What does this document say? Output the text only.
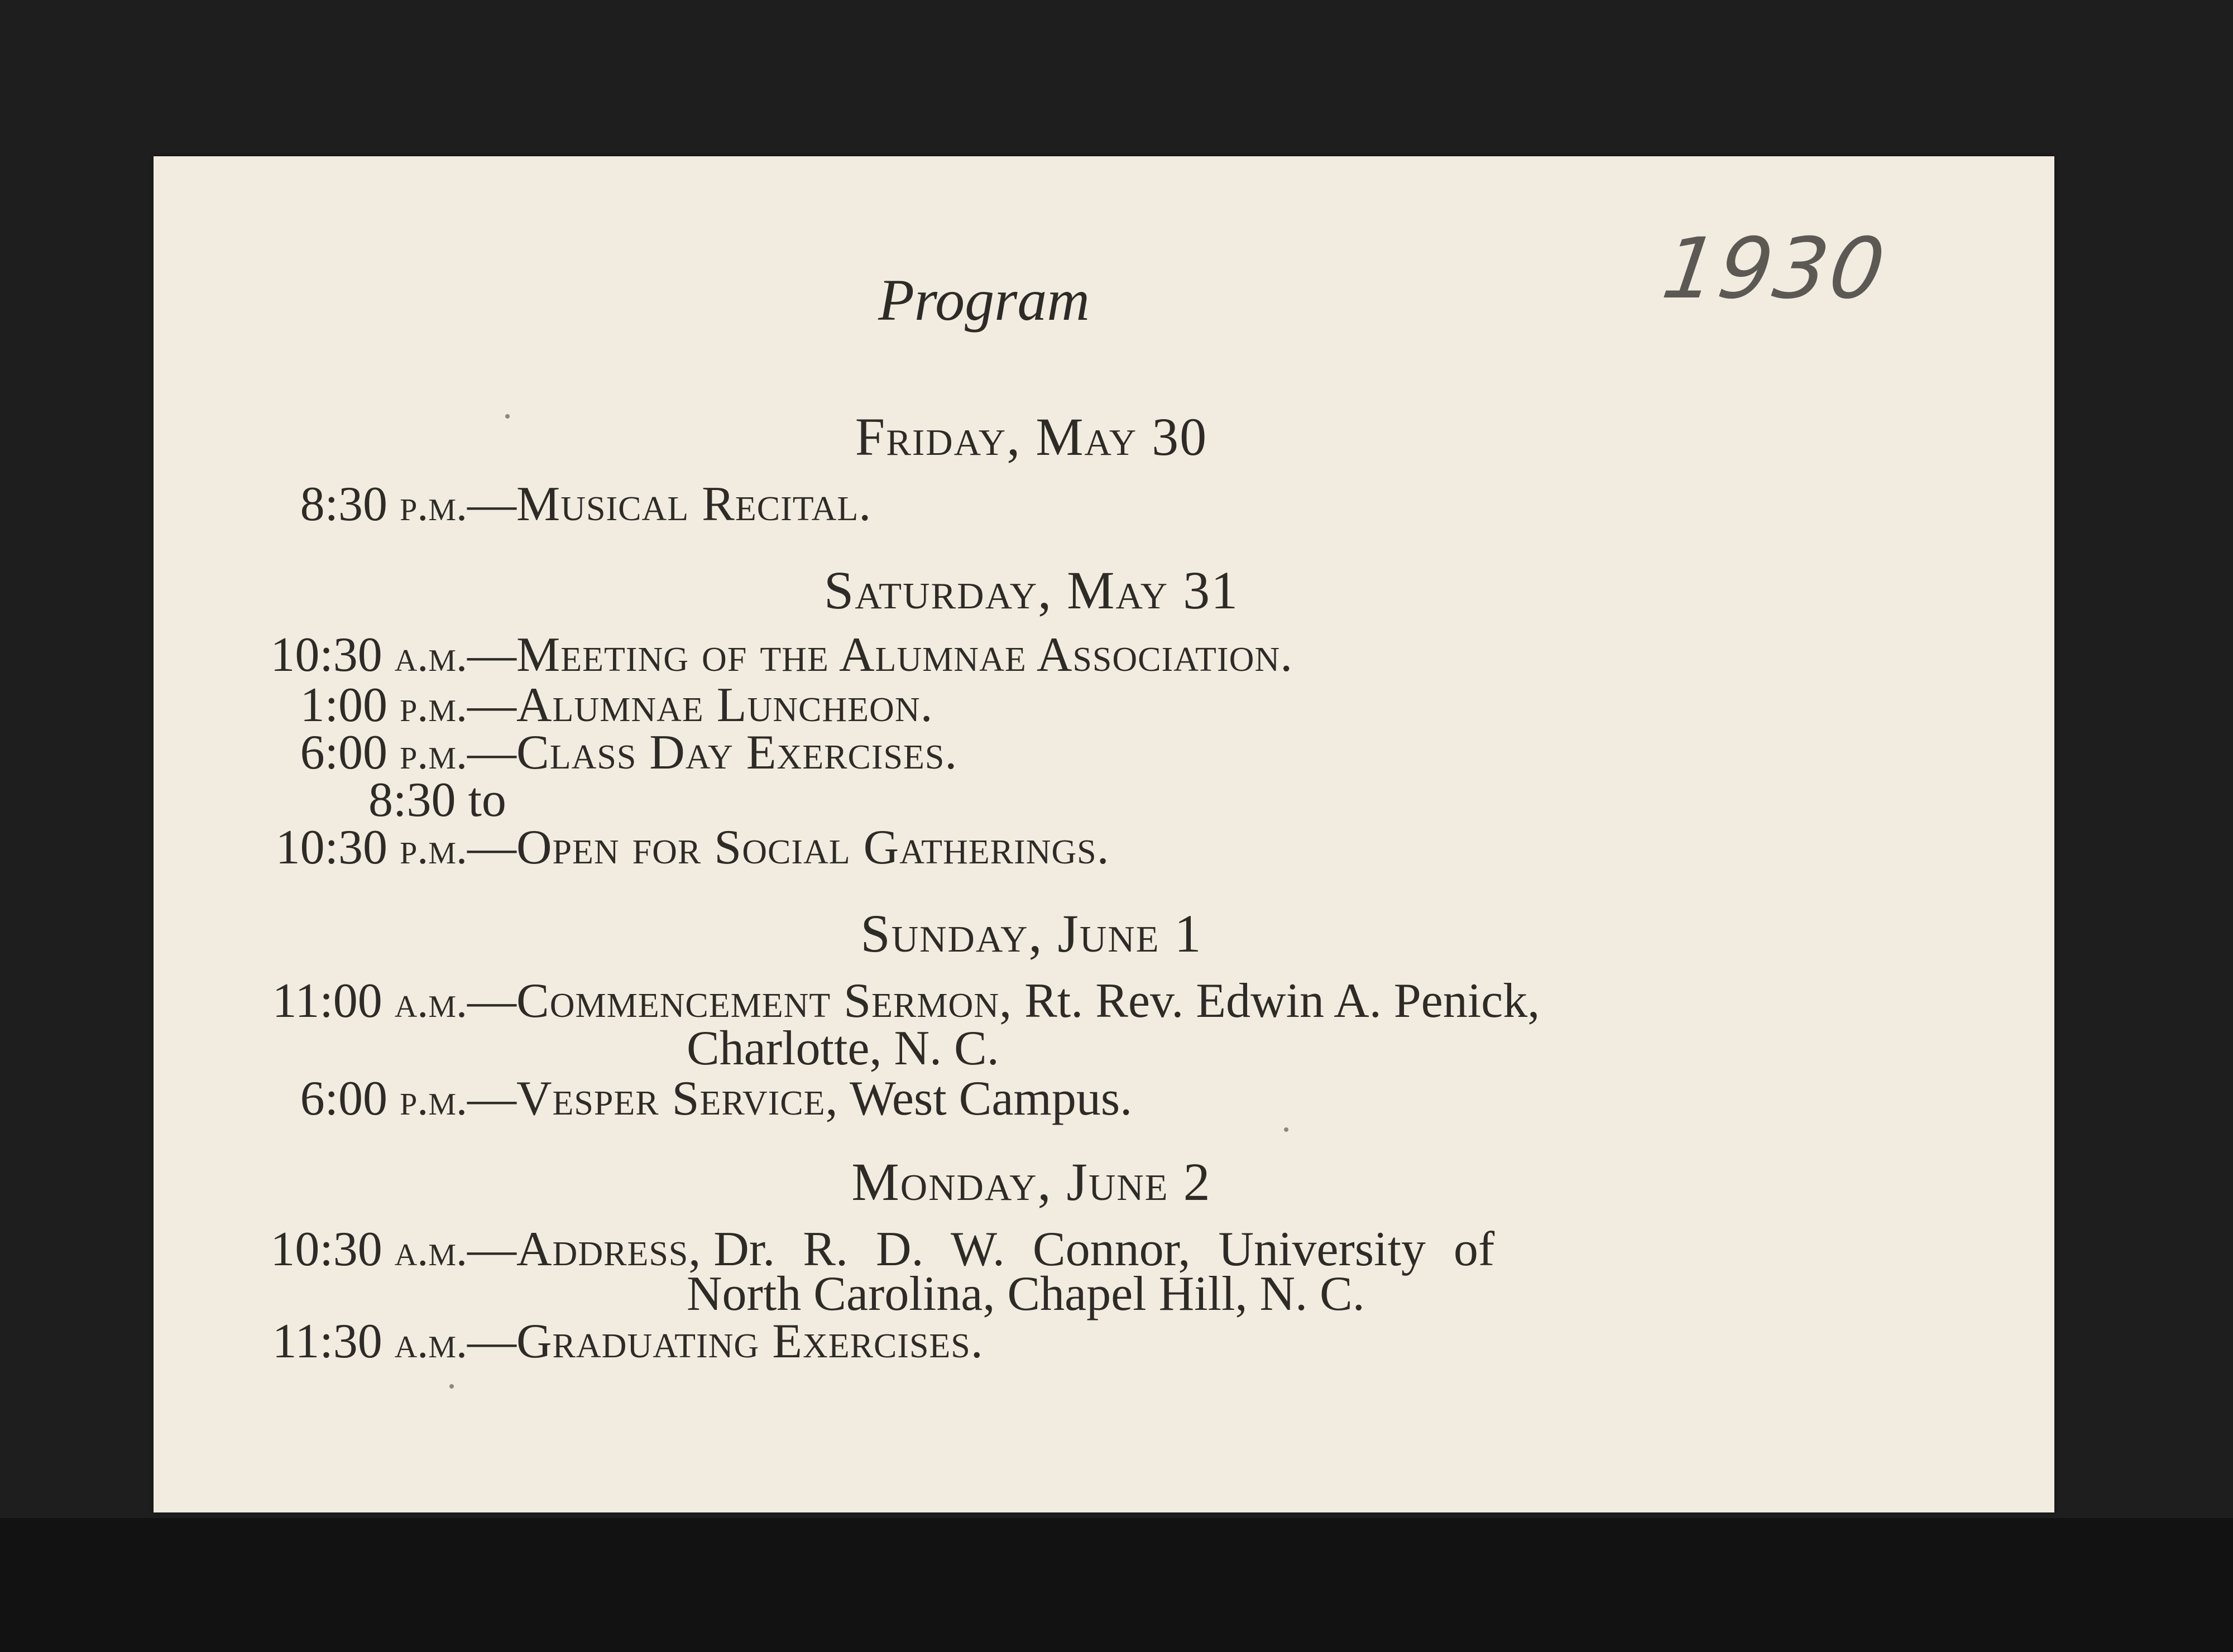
Program	1930
Friday, May 30
8:30 p.m. —Musical Recital.
Saturday, May 31
10:30 a.m. —Meeting of the Alumnae Association.
1:00 p.m. —Alumnae Luncheon.
6:00 p.m. —Class Day Exercises.
8:30 to
10:30 p.m. —Open for Social Gatherings.
Sunday, June 1
11:00 a.m. —Commencement Sermon, Rt. Rev. Edwin A. Penick,
Charlotte, N. C.
6:00 p.m. —Vesper Service, West Campus.
Monday, June 2
10:30 a.m. —Address, Dr. R. D. W. Connor, University of
North Carolina, Chapel Hill, N. C.
11:30 a.m. —Graduating Exercises.
